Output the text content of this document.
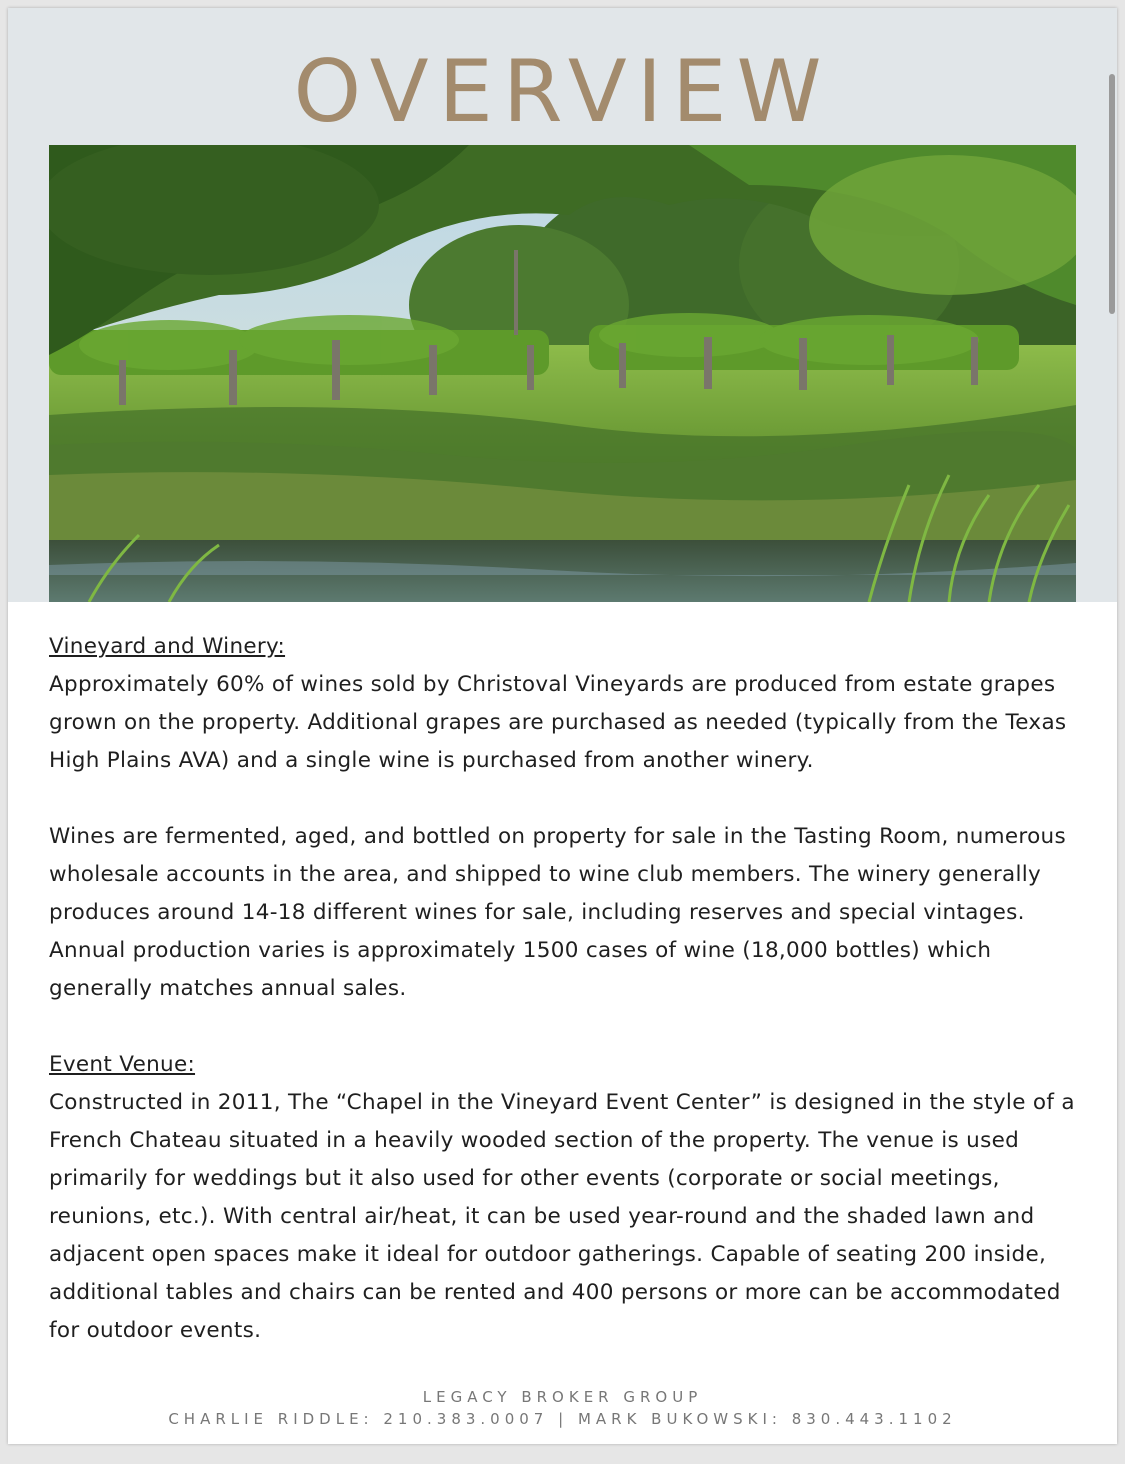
OVERVIEW
Vineyard and Winery:
Approximately 60% of wines sold by Christoval Vineyards are produced from estate grapes grown on the property. Additional grapes are purchased as needed (typically from the Texas High Plains AVA) and a single wine is purchased from another winery.
Wines are fermented, aged, and bottled on property for sale in the Tasting Room, numerous wholesale accounts in the area, and shipped to wine club members. The winery generally produces around 14-18 different wines for sale, including reserves and special vintages. Annual production varies is approximately 1500 cases of wine (18,000 bottles) which generally matches annual sales.
Event Venue:
Constructed in 2011, The “Chapel in the Vineyard Event Center” is designed in the style of a French Chateau situated in a heavily wooded section of the property. The venue is used primarily for weddings but it also used for other events (corporate or social meetings, reunions, etc.). With central air/heat, it can be used year-round and the shaded lawn and adjacent open spaces make it ideal for outdoor gatherings. Capable of seating 200 inside, additional tables and chairs can be rented and 400 persons or more can be accommodated for outdoor events.
LEGACY BROKER GROUP
CHARLIE RIDDLE: 210.383.0007 | MARK BUKOWSKI: 830.443.1102
